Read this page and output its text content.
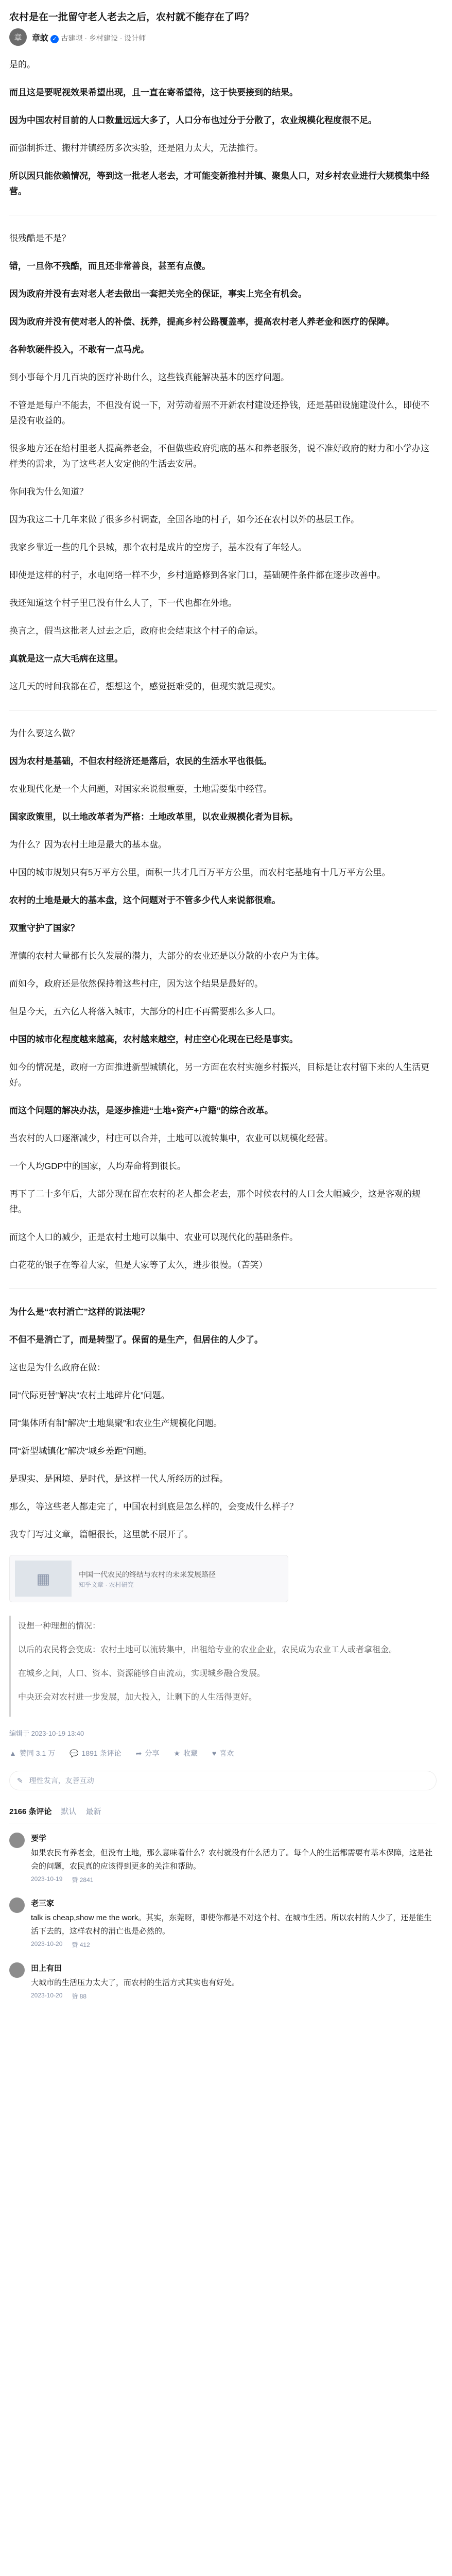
农村是在一批留守老人老去之后，农村就不能存在了吗？
章	章蚊 ✓ 古建坝 · 乡村建设 · 设计师

是的。

而且这是要呢视效果希望出现，且一直在寄希望待，这于快要接到的结果。

因为中国农村目前的人口数量远远大多了，人口分布也过分于分散了，农业规模化程度很不足。

而强制拆迁、搬村并镇经历多次实验，还是阻力太大，无法推行。

所以因只能依赖情况，等到这一批老人老去，才可能变新推村并镇、聚集人口，对乡村农业进行大规模集中经营。

很残酷是不是？

错，一旦你不残酷，而且还非常善良，甚至有点傻。

因为政府并没有去对老人老去做出一套把关完全的保证，事实上完全有机会。

因为政府并没有使对老人的补偿、抚养，提高乡村公路覆盖率，提高农村老人养老金和医疗的保障。

各种软硬件投入，不敢有一点马虎。

到小事每个月几百块的医疗补助什么，这些钱真能解决基本的医疗问题。

不管是是每户不能去，不但没有说一下，对劳动着照不开新农村建设还挣钱，还是基础设施建设什么，即使不是没有收益的。

很多地方还在给村里老人提高养老金，不但做些政府兜底的基本和养老服务，说不准好政府的财力和小学办这样类的需求，为了这些老人安定他的生活去安居。

你问我为什么知道？

因为我这二十几年来做了很多乡村调查，全国各地的村子，如今还在农村以外的基层工作。

我家乡靠近一些的几个县城，那个农村是成片的空房子，基本没有了年轻人。

即使是这样的村子，水电网络一样不少，乡村道路修到各家门口，基础硬件条件都在逐步改善中。

我还知道这个村子里已没有什么人了，下一代也都在外地。

换言之，假当这批老人过去之后，政府也会结束这个村子的命运。

真就是这一点大毛病在这里。

这几天的时间我都在看，想想这个，感觉挺难受的，但现实就是现实。

为什么要这么做？

因为农村是基础，不但农村经济还是落后，农民的生活水平也很低。

农业现代化是一个大问题，对国家来说很重要，土地需要集中经营。

国家政策里，以土地改革者为严格：土地改革里，以农业规模化者为目标。

为什么？因为农村土地是最大的基本盘。

中国的城市规划只有5万平方公里，面积一共才几百万平方公里，而农村宅基地有十几万平方公里。

农村的土地是最大的基本盘，这个问题对于不管多少代人来说都很难。

双重守护了国家？

谨慎的农村大量都有长久发展的潜力，大部分的农业还是以分散的小农户为主体。

而如今，政府还是依然保持着这些村庄，因为这个结果是最好的。

但是今天，五六亿人将落入城市，大部分的村庄不再需要那么多人口。

中国的城市化程度越来越高，农村越来越空，村庄空心化现在已经是事实。

如今的情况是，政府一方面推进新型城镇化，另一方面在农村实施乡村振兴，目标是让农村留下来的人生活更好。

而这个问题的解决办法，是逐步推进“土地+资产+户籍”的综合改革。

当农村的人口逐渐减少，村庄可以合并，土地可以流转集中，农业可以规模化经营。

一个人均GDP中的国家，人均寿命将到很长。

再下了二十多年后，大部分现在留在农村的老人都会老去，那个时候农村的人口会大幅减少，这是客观的规律。

而这个人口的减少，正是农村土地可以集中、农业可以现代化的基础条件。

白花花的银子在等着大家，但是大家等了太久，进步很慢。（苦笑）

为什么是“农村消亡”这样的说法呢？

不但不是消亡了，而是转型了。保留的是生产，但居住的人少了。

这也是为什么政府在做：

同“代际更替”解决“农村土地碎片化”问题。

同“集体所有制”解决“土地集聚”和农业生产规模化问题。

同“新型城镇化”解决“城乡差距”问题。

是现实、是困境、是时代，是这样一代人所经历的过程。

那么，等这些老人都走完了，中国农村到底是怎么样的，会变成什么样子？

我专门写过文章，篇幅很长，这里就不展开了。

▦	中国一代农民的终结与农村的未来发展路径
知乎文章 · 农村研究

设想一种理想的情况：

以后的农民将会变成：农村土地可以流转集中，出租给专业的农业企业，农民成为农业工人或者拿租金。

在城乡之间，人口、资本、资源能够自由流动，实现城乡融合发展。

中央还会对农村进一步发展，加大投入，让剩下的人生活得更好。

编辑于 2023-10-19 13:40
▲ 赞同 3.1 万 💬 1891 条评论 ➦ 分享 ★ 收藏 ♥ 喜欢
✎ 理性发言，友善互动
2166 条评论 默认 最新
要学
如果农民有养老金，但没有土地，那么意味着什么？农村就没有什么活力了。每个人的生活都需要有基本保障，这是社会的问题，农民真的应该得到更多的关注和帮助。
2023-10-19 赞 2841
老三家
talk is cheap,show me the work。其实，东莞呀，即使你都是不对这个村、在城市生活。所以农村的人少了，还是能生活下去的，这样农村的消亡也是必然的。
2023-10-20 赞 412
田上有田
大城市的生活压力太大了，而农村的生活方式其实也有好处。
2023-10-20 赞 88
